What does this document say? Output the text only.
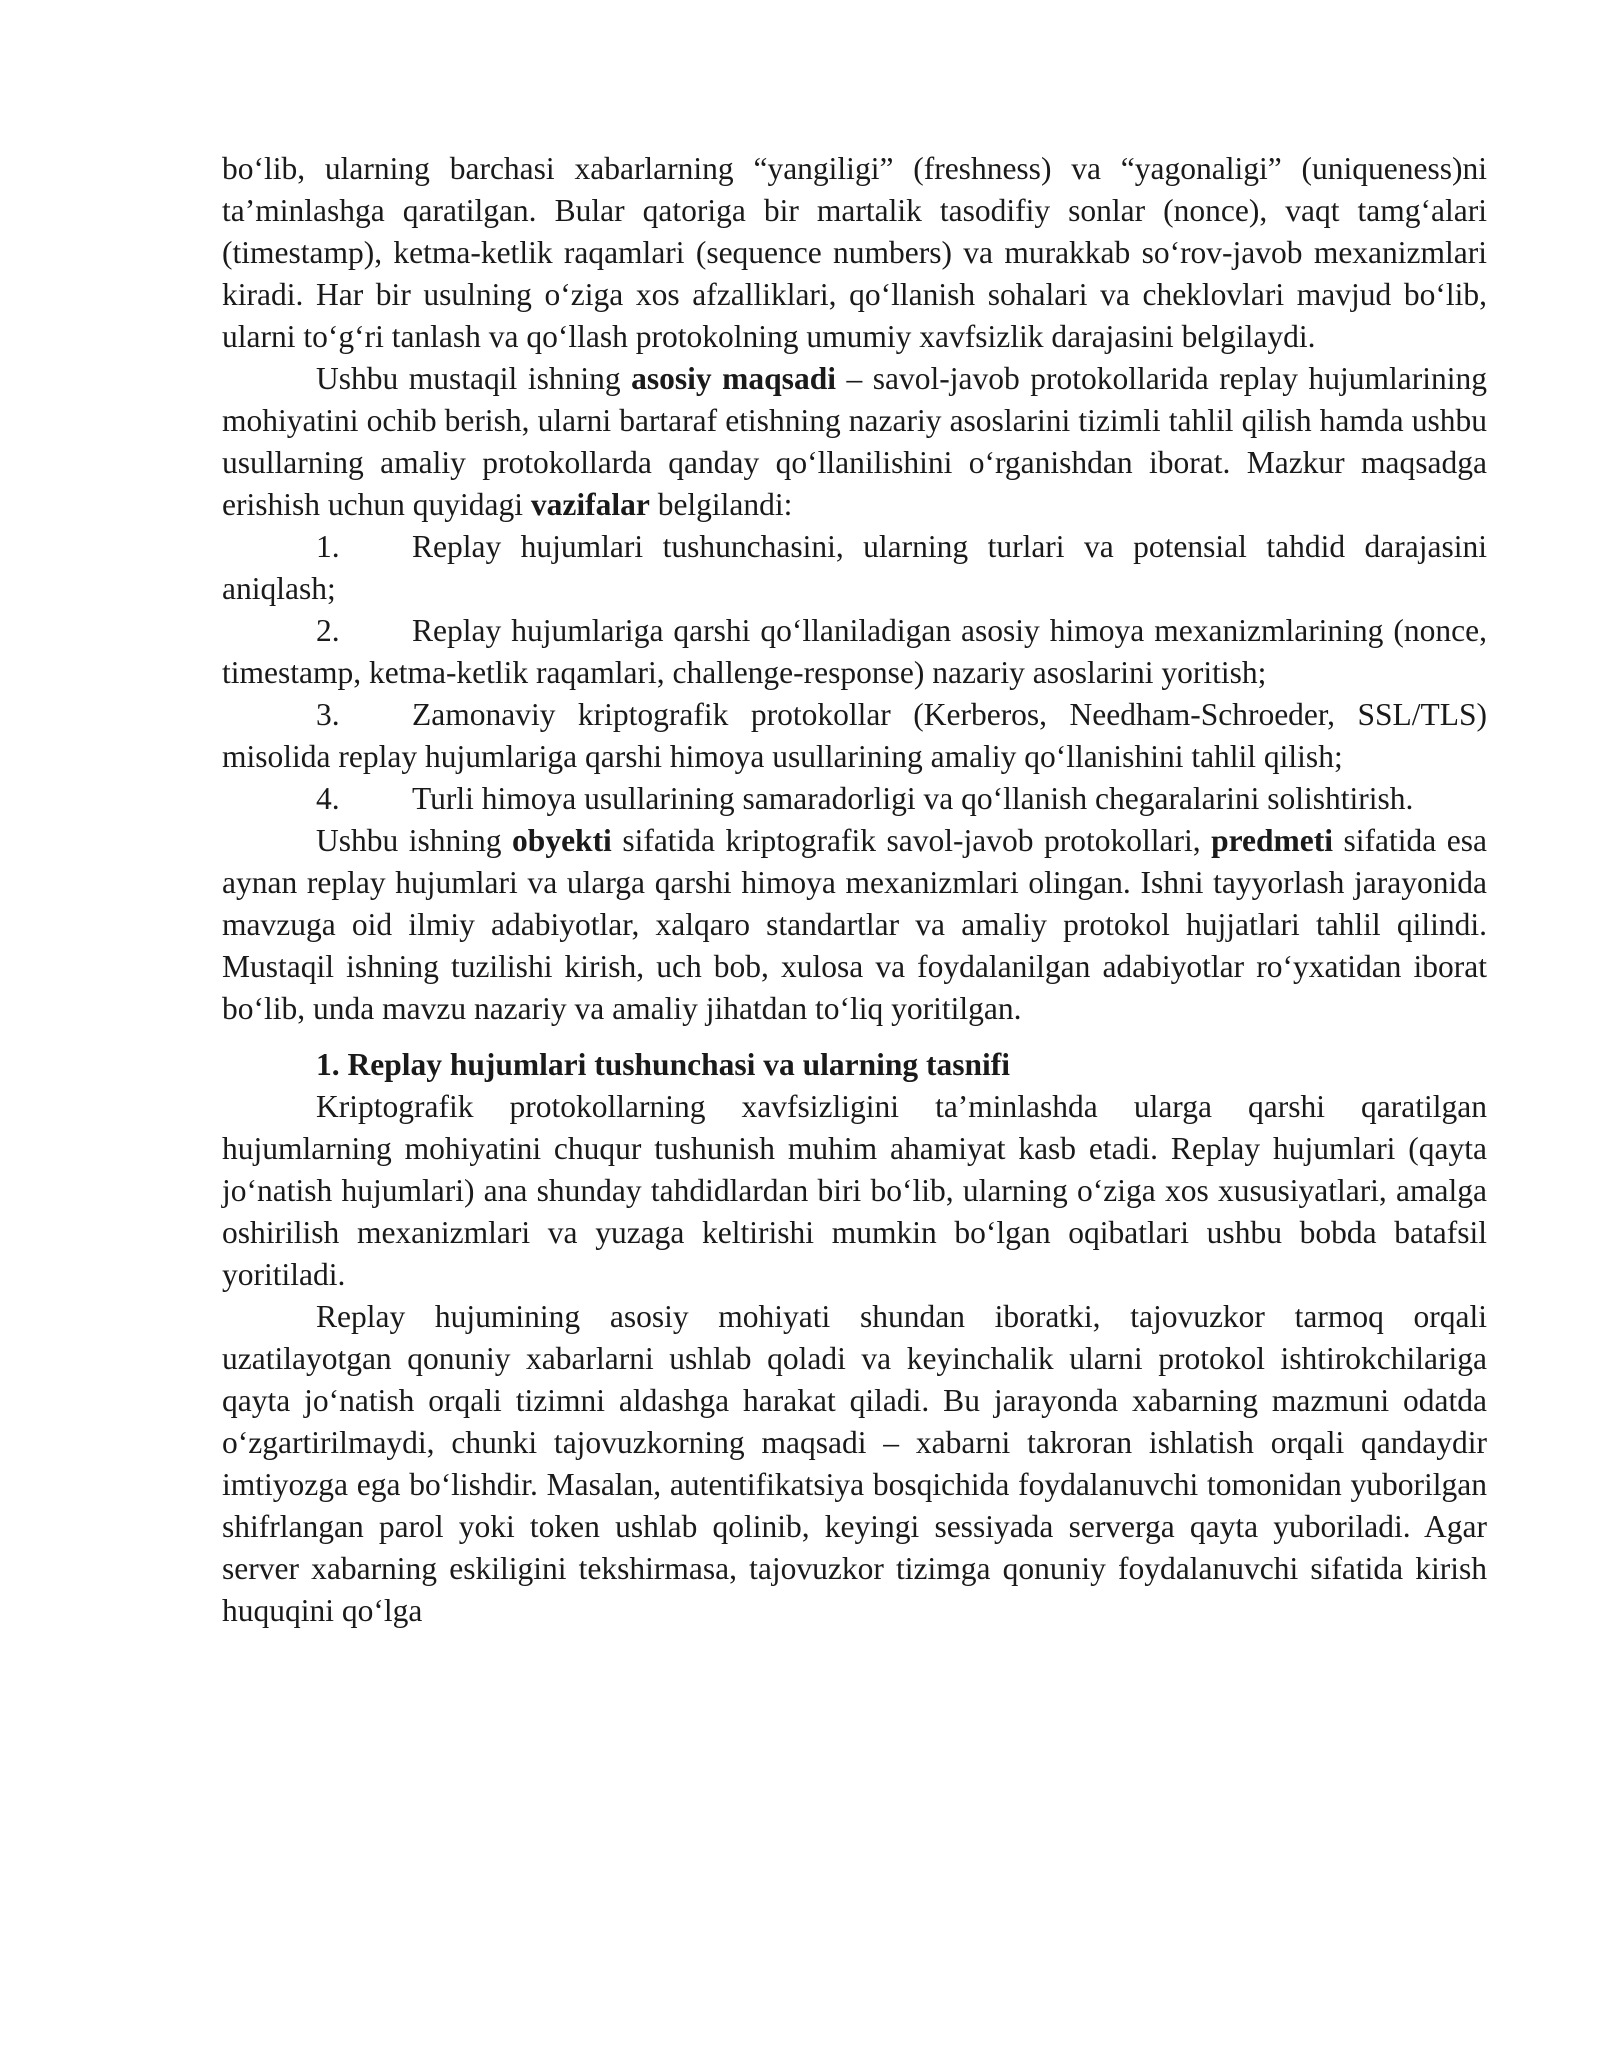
bo‘lib, ularning barchasi xabarlarning “yangiligi” (freshness) va “yagonaligi” (uniqueness)ni ta’minlashga qaratilgan. Bular qatoriga bir martalik tasodifiy sonlar (nonce), vaqt tamg‘alari (timestamp), ketma-ketlik raqamlari (sequence numbers) va murakkab so‘rov-javob mexanizmlari kiradi. Har bir usulning o‘ziga xos afzalliklari, qo‘llanish sohalari va cheklovlari mavjud bo‘lib, ularni to‘g‘ri tanlash va qo‘llash protokolning umumiy xavfsizlik darajasini belgilaydi.

Ushbu mustaqil ishning asosiy maqsadi – savol-javob protokollarida replay hujumlarining mohiyatini ochib berish, ularni bartaraf etishning nazariy asoslarini tizimli tahlil qilish hamda ushbu usullarning amaliy protokollarda qanday qo‘llanilishini o‘rganishdan iborat. Mazkur maqsadga erishish uchun quyidagi vazifalar belgilandi:

1. Replay hujumlari tushunchasini, ularning turlari va potensial tahdid darajasini aniqlash;

2. Replay hujumlariga qarshi qo‘llaniladigan asosiy himoya mexanizmlarining (nonce, timestamp, ketma-ketlik raqamlari, challenge-response) nazariy asoslarini yoritish;

3. Zamonaviy kriptografik protokollar (Kerberos, Needham-Schroeder, SSL/TLS) misolida replay hujumlariga qarshi himoya usullarining amaliy qo‘llanishini tahlil qilish;

4. Turli himoya usullarining samaradorligi va qo‘llanish chegaralarini solishtirish.

Ushbu ishning obyekti sifatida kriptografik savol-javob protokollari, predmeti sifatida esa aynan replay hujumlari va ularga qarshi himoya mexanizmlari olingan. Ishni tayyorlash jarayonida mavzuga oid ilmiy adabiyotlar, xalqaro standartlar va amaliy protokol hujjatlari tahlil qilindi. Mustaqil ishning tuzilishi kirish, uch bob, xulosa va foydalanilgan adabiyotlar ro‘yxatidan iborat bo‘lib, unda mavzu nazariy va amaliy jihatdan to‘liq yoritilgan.

1. Replay hujumlari tushunchasi va ularning tasnifi

Kriptografik protokollarning xavfsizligini ta’minlashda ularga qarshi qaratilgan hujumlarning mohiyatini chuqur tushunish muhim ahamiyat kasb etadi. Replay hujumlari (qayta jo‘natish hujumlari) ana shunday tahdidlardan biri bo‘lib, ularning o‘ziga xos xususiyatlari, amalga oshirilish mexanizmlari va yuzaga keltirishi mumkin bo‘lgan oqibatlari ushbu bobda batafsil yoritiladi.

Replay hujumining asosiy mohiyati shundan iboratki, tajovuzkor tarmoq orqali uzatilayotgan qonuniy xabarlarni ushlab qoladi va keyinchalik ularni protokol ishtirokchilariga qayta jo‘natish orqali tizimni aldashga harakat qiladi. Bu jarayonda xabarning mazmuni odatda o‘zgartirilmaydi, chunki tajovuzkorning maqsadi – xabarni takroran ishlatish orqali qandaydir imtiyozga ega bo‘lishdir. Masalan, autentifikatsiya bosqichida foydalanuvchi tomonidan yuborilgan shifrlangan parol yoki token ushlab qolinib, keyingi sessiyada serverga qayta yuboriladi. Agar server xabarning eskiligini tekshirmasa, tajovuzkor tizimga qonuniy foydalanuvchi sifatida kirish huquqini qo‘lga
